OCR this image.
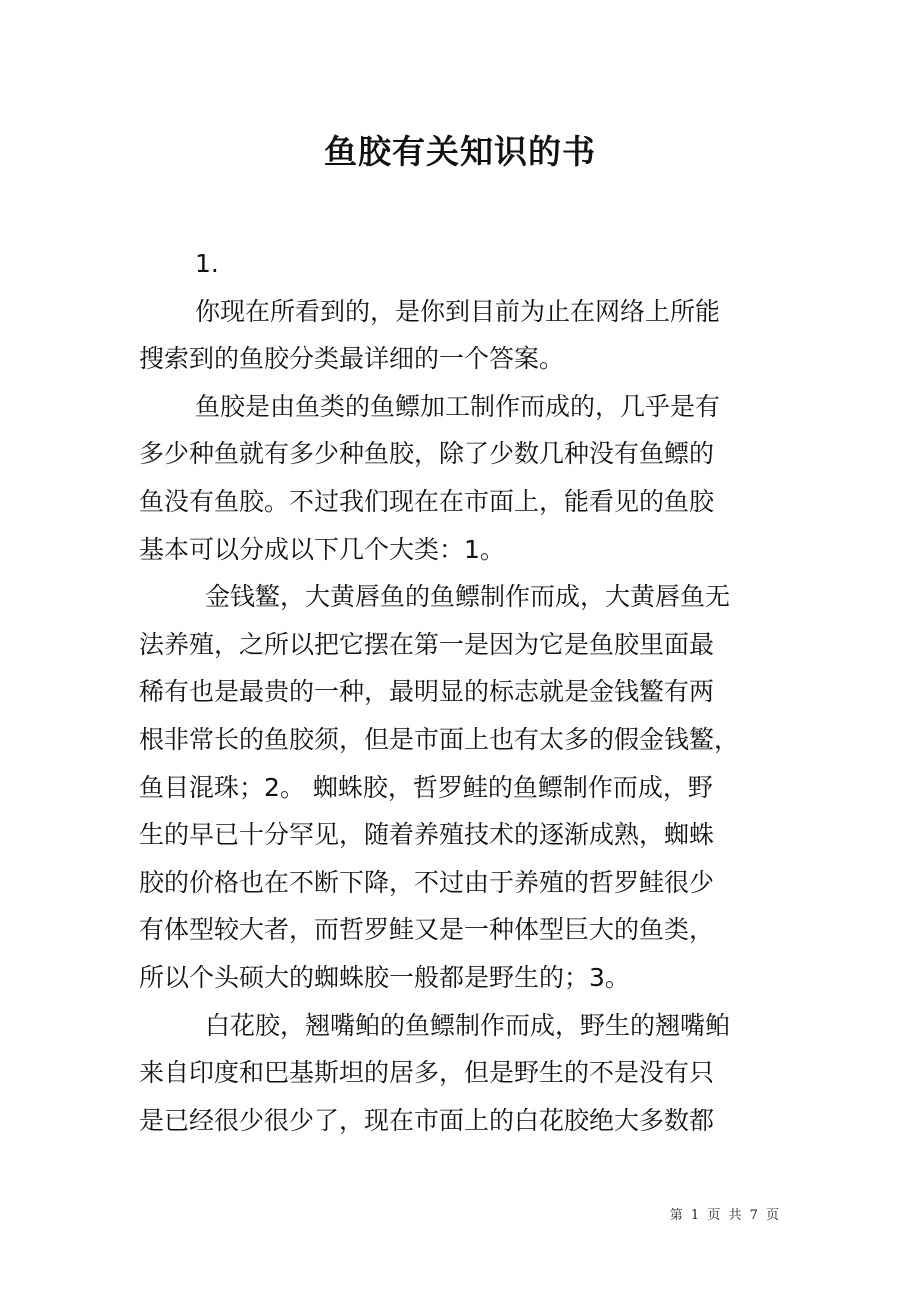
鱼胶有关知识的书
1.
你现在所看到的，是你到目前为止在网络上所能
搜索到的鱼胶分类最详细的一个答案。
鱼胶是由鱼类的鱼鳔加工制作而成的，几乎是有
多少种鱼就有多少种鱼胶，除了少数几种没有鱼鳔的
鱼没有鱼胶。不过我们现在在市面上，能看见的鱼胶
基本可以分成以下几个大类：1。
金钱鳘，大黄唇鱼的鱼鳔制作而成，大黄唇鱼无
法养殖，之所以把它摆在第一是因为它是鱼胶里面最
稀有也是最贵的一种，最明显的标志就是金钱鳘有两
根非常长的鱼胶须，但是市面上也有太多的假金钱鳘，
鱼目混珠；2。 蜘蛛胶，哲罗鲑的鱼鳔制作而成，野
生的早已十分罕见，随着养殖技术的逐渐成熟，蜘蛛
胶的价格也在不断下降，不过由于养殖的哲罗鲑很少
有体型较大者，而哲罗鲑又是一种体型巨大的鱼类，
所以个头硕大的蜘蛛胶一般都是野生的；3。
白花胶，翘嘴鲌的鱼鳔制作而成，野生的翘嘴鲌
来自印度和巴基斯坦的居多，但是野生的不是没有只
是已经很少很少了，现在市面上的白花胶绝大多数都
第 1 页 共 7 页
